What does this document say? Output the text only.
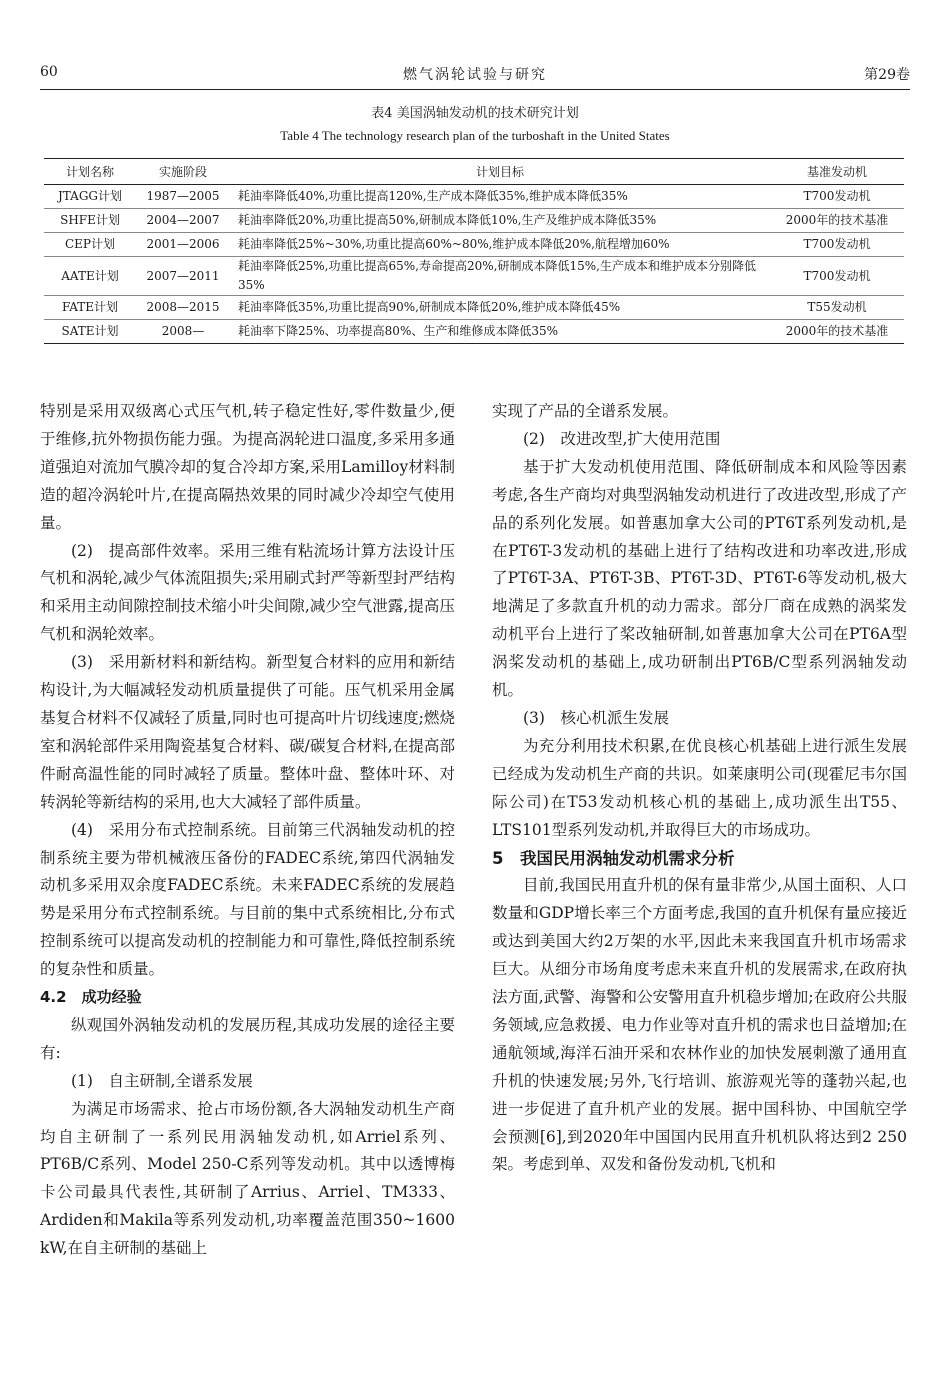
燃气涡轮试验与研究
60	第29卷
表4 美国涡轴发动机的技术研究计划
Table 4 The technology research plan of the turboshaft in the United States
计划名称	实施阶段	计划目标	基准发动机
JTAGG计划	1987—2005	耗油率降低40%,功重比提高120%,生产成本降低35%,维护成本降低35%	T700发动机
SHFE计划	2004—2007	耗油率降低20%,功重比提高50%,研制成本降低10%,生产及维护成本降低35%	2000年的技术基准
CEP计划	2001—2006	耗油率降低25%~30%,功重比提高60%~80%,维护成本降低20%,航程增加60%	T700发动机
AATE计划	2007—2011	耗油率降低25%,功重比提高65%,寿命提高20%,研制成本降低15%,生产成本和维护成本分别降低35%	T700发动机
FATE计划	2008—2015	耗油率降低35%,功重比提高90%,研制成本降低20%,维护成本降低45%	T55发动机
SATE计划	2008—	耗油率下降25%、功率提高80%、生产和维修成本降低35%	2000年的技术基准

特别是采用双级离心式压气机,转子稳定性好,零件数量少,便于维修,抗外物损伤能力强。为提高涡轮进口温度,多采用多通道强迫对流加气膜冷却的复合冷却方案,采用Lamilloy材料制造的超冷涡轮叶片,在提高隔热效果的同时减少冷却空气使用量。

(2)　提高部件效率。采用三维有粘流场计算方法设计压气机和涡轮,减少气体流阻损失;采用刷式封严等新型封严结构和采用主动间隙控制技术缩小叶尖间隙,减少空气泄露,提高压气机和涡轮效率。

(3)　采用新材料和新结构。新型复合材料的应用和新结构设计,为大幅减轻发动机质量提供了可能。压气机采用金属基复合材料不仅减轻了质量,同时也可提高叶片切线速度;燃烧室和涡轮部件采用陶瓷基复合材料、碳/碳复合材料,在提高部件耐高温性能的同时减轻了质量。整体叶盘、整体叶环、对转涡轮等新结构的采用,也大大减轻了部件质量。

(4)　采用分布式控制系统。目前第三代涡轴发动机的控制系统主要为带机械液压备份的FADEC系统,第四代涡轴发动机多采用双余度FADEC系统。未来FADEC系统的发展趋势是采用分布式控制系统。与目前的集中式系统相比,分布式控制系统可以提高发动机的控制能力和可靠性,降低控制系统的复杂性和质量。

4.2　成功经验

纵观国外涡轴发动机的发展历程,其成功发展的途径主要有:

(1)　自主研制,全谱系发展

为满足市场需求、抢占市场份额,各大涡轴发动机生产商均自主研制了一系列民用涡轴发动机,如Arriel系列、PT6B/C系列、Model 250-C系列等发动机。其中以透博梅卡公司最具代表性,其研制了Arrius、Arriel、TM333、Ardiden和Makila等系列发动机,功率覆盖范围350~1600 kW,在自主研制的基础上

实现了产品的全谱系发展。

(2)　改进改型,扩大使用范围

基于扩大发动机使用范围、降低研制成本和风险等因素考虑,各生产商均对典型涡轴发动机进行了改进改型,形成了产品的系列化发展。如普惠加拿大公司的PT6T系列发动机,是在PT6T-3发动机的基础上进行了结构改进和功率改进,形成了PT6T-3A、PT6T-3B、PT6T-3D、PT6T-6等发动机,极大地满足了多款直升机的动力需求。部分厂商在成熟的涡桨发动机平台上进行了桨改轴研制,如普惠加拿大公司在PT6A型涡桨发动机的基础上,成功研制出PT6B/C型系列涡轴发动机。

(3)　核心机派生发展

为充分利用技术积累,在优良核心机基础上进行派生发展已经成为发动机生产商的共识。如莱康明公司(现霍尼韦尔国际公司)在T53发动机核心机的基础上,成功派生出T55、LTS101型系列发动机,并取得巨大的市场成功。

5　我国民用涡轴发动机需求分析

目前,我国民用直升机的保有量非常少,从国土面积、人口数量和GDP增长率三个方面考虑,我国的直升机保有量应接近或达到美国大约2万架的水平,因此未来我国直升机市场需求巨大。从细分市场角度考虑未来直升机的发展需求,在政府执法方面,武警、海警和公安警用直升机稳步增加;在政府公共服务领域,应急救援、电力作业等对直升机的需求也日益增加;在通航领域,海洋石油开采和农林作业的加快发展刺激了通用直升机的快速发展;另外,飞行培训、旅游观光等的蓬勃兴起,也进一步促进了直升机产业的发展。据中国科协、中国航空学会预测[6],到2020年中国国内民用直升机机队将达到2 250架。考虑到单、双发和备份发动机,飞机和
